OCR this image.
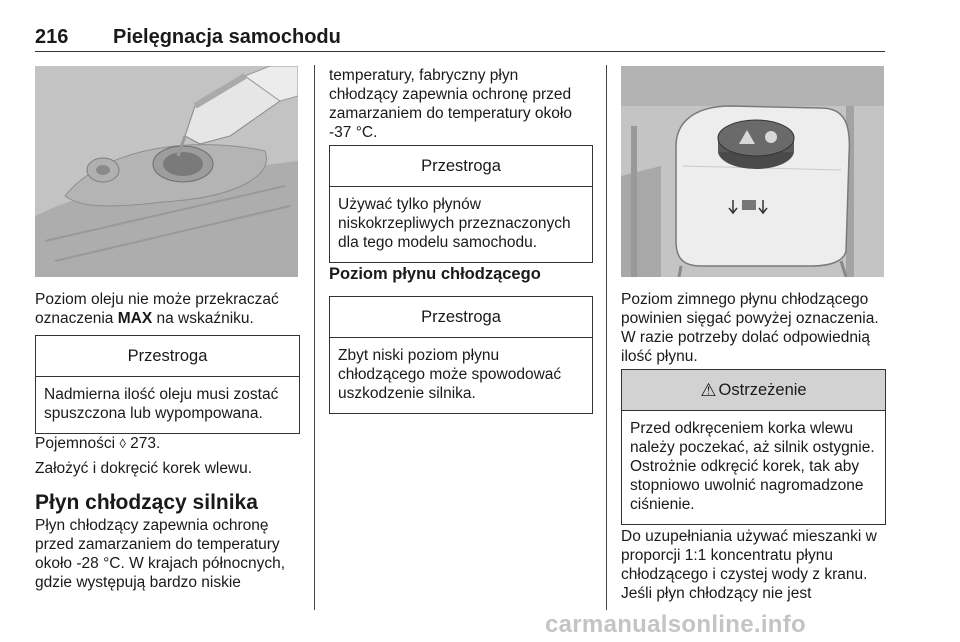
216 Pielęgnacja samochodu

Poziom oleju nie może przekraczać oznaczenia MAX na wskaźniku.

Przestroga
Nadmierna ilość oleju musi zostać spuszczona lub wypompowana.

Pojemności ◊ 273.

Założyć i dokręcić korek wlewu.

Płyn chłodzący silnika

Płyn chłodzący zapewnia ochronę przed zamarzaniem do temperatury około -28 °C. W krajach północnych, gdzie występują bardzo niskie

temperatury, fabryczny płyn chłodzący zapewnia ochronę przed zamarzaniem do temperatury około -37 °C.

Przestroga
Używać tylko płynów niskokrzepliwych przeznaczonych dla tego modelu samochodu.
Poziom płynu chłodzącego
Przestroga
Zbyt niski poziom płynu chłodzącego może spowodować uszkodzenie silnika.

Poziom zimnego płynu chłodzącego powinien sięgać powyżej oznaczenia. W razie potrzeby dolać odpowiednią ilość płynu.

⚠ Ostrzeżenie
Przed odkręceniem korka wlewu należy poczekać, aż silnik ostygnie. Ostrożnie odkręcić korek, tak aby stopniowo uwolnić nagromadzone ciśnienie.

Do uzupełniania używać mieszanki w proporcji 1:1 koncentratu płynu chłodzącego i czystej wody z kranu. Jeśli płyn chłodzący nie jest

carmanualsonline.info
